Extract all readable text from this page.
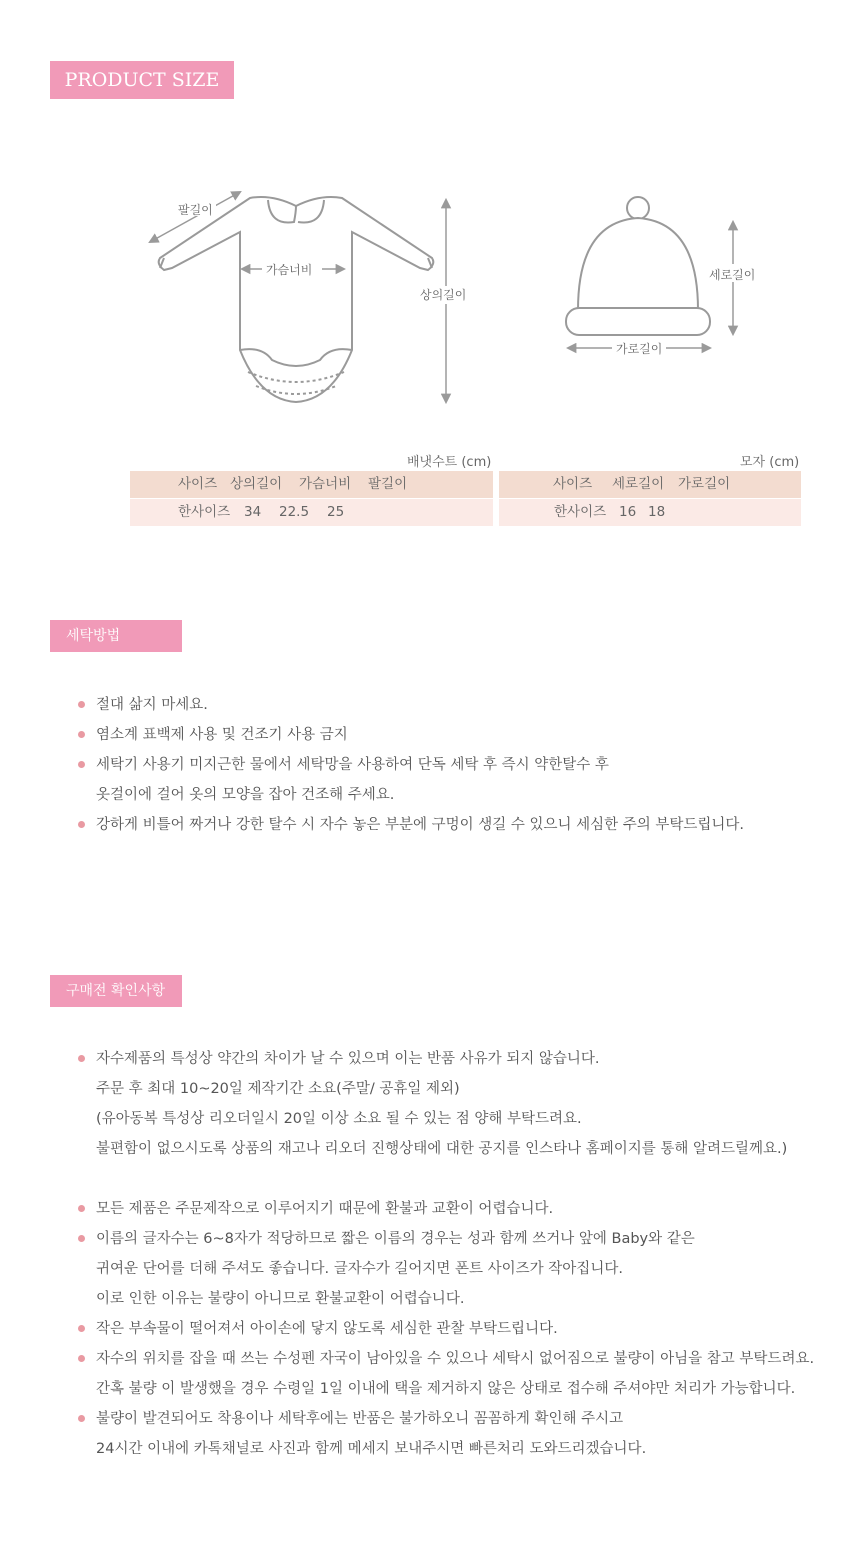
PRODUCT SIZE
팔길이
가슴너비
상의길이
세로길이
가로길이
배냇수트 (cm)
사이즈 상의길이 가슴너비 팔길이
한사이즈 34 22.5 25
모자 (cm)
사이즈 세로길이 가로길이
한사이즈 16 18
세탁방법
절대 삶지 마세요.
염소계 표백제 사용 및 건조기 사용 금지
세탁기 사용기 미지근한 물에서 세탁망을 사용하여 단독 세탁 후 즉시 약한탈수 후
옷걸이에 걸어 옷의 모양을 잡아 건조해 주세요.
강하게 비틀어 짜거나 강한 탈수 시 자수 놓은 부분에 구멍이 생길 수 있으니 세심한 주의 부탁드립니다.
구매전 확인사항
자수제품의 특성상 약간의 차이가 날 수 있으며 이는 반품 사유가 되지 않습니다.
주문 후 최대 10~20일 제작기간 소요(주말/ 공휴일 제외)
(유아동복 특성상 리오더일시 20일 이상 소요 될 수 있는 점 양해 부탁드려요.
불편함이 없으시도록 상품의 재고나 리오더 진행상태에 대한 공지를 인스타나 홈페이지를 통해 알려드릴께요.)
모든 제품은 주문제작으로 이루어지기 때문에 환불과 교환이 어렵습니다.
이름의 글자수는 6~8자가 적당하므로 짧은 이름의 경우는 성과 함께 쓰거나 앞에 Baby와 같은
귀여운 단어를 더해 주셔도 좋습니다. 글자수가 길어지면 폰트 사이즈가 작아집니다.
이로 인한 이유는 불량이 아니므로 환불교환이 어렵습니다.
작은 부속물이 떨어져서 아이손에 닿지 않도록 세심한 관찰 부탁드립니다.
자수의 위치를 잡을 때 쓰는 수성펜 자국이 남아있을 수 있으나 세탁시 없어짐으로 불량이 아님을 참고 부탁드려요.
간혹 불량 이 발생했을 경우 수령일 1일 이내에 택을 제거하지 않은 상태로 접수해 주셔야만 처리가 가능합니다.
불량이 발견되어도 착용이나 세탁후에는 반품은 불가하오니 꼼꼼하게 확인해 주시고
24시간 이내에 카톡채널로 사진과 함께 메세지 보내주시면 빠른처리 도와드리겠습니다.
